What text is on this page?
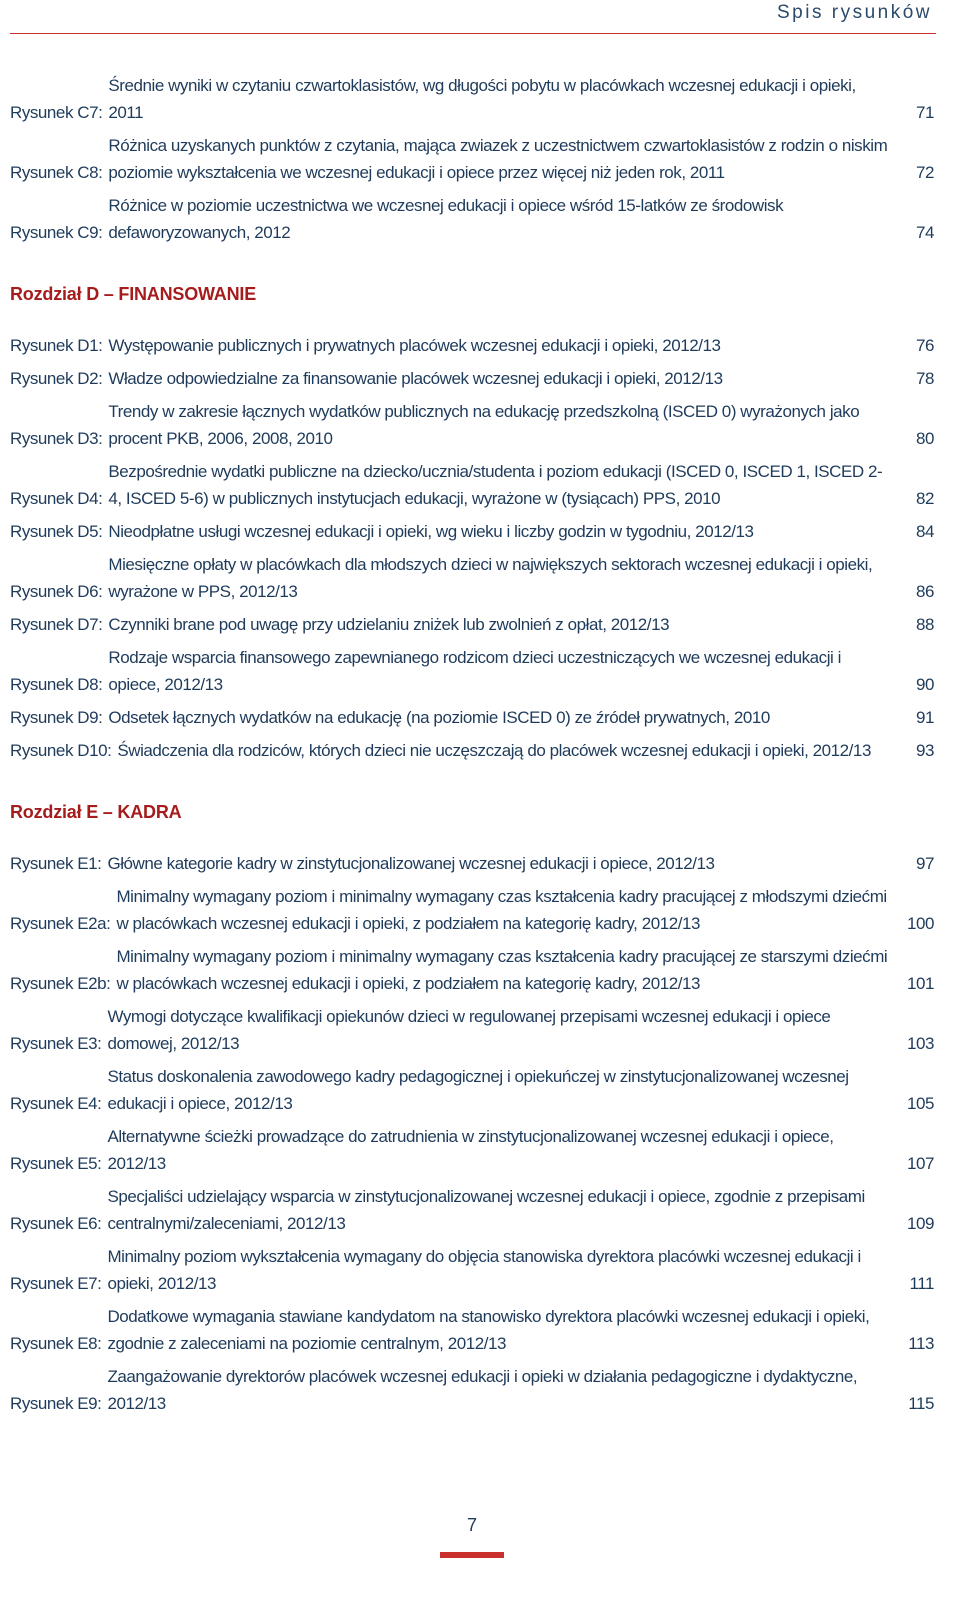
Spis rysunków
Rysunek C7:
Średnie wyniki w czytaniu czwartoklasistów, wg długości pobytu w placówkach wczesnej edukacji i opieki, 2011	71
Rysunek C8:
Różnica uzyskanych punktów z czytania, mająca zwiazek z uczestnictwem czwartoklasistów z rodzin o niskim poziomie wykształcenia we wczesnej edukacji i opiece przez więcej niż jeden rok, 2011	72
Rysunek C9:
Różnice w poziomie uczestnictwa we wczesnej edukacji i opiece wśród 15-latków ze środowisk defaworyzowanych, 2012	74
Rozdział D – FINANSOWANIE
Rysunek D1: Występowanie publicznych i prywatnych placówek wczesnej edukacji i opieki, 2012/13	76
Rysunek D2: Władze odpowiedzialne za finansowanie placówek wczesnej edukacji i opieki, 2012/13	78
Rysunek D3:
Trendy w zakresie łącznych wydatków publicznych na edukację przedszkolną (ISCED 0) wyrażonych jako procent PKB, 2006, 2008, 2010	80
Rysunek D4:
Bezpośrednie wydatki publiczne na dziecko/ucznia/studenta i poziom edukacji (ISCED 0, ISCED 1, ISCED 2-4, ISCED 5-6) w publicznych instytucjach edukacji, wyrażone w (tysiącach) PPS, 2010	82
Rysunek D5: Nieodpłatne usługi wczesnej edukacji i opieki, wg wieku i liczby godzin w tygodniu, 2012/13	84
Rysunek D6:
Miesięczne opłaty w placówkach dla młodszych dzieci w największych sektorach wczesnej edukacji i opieki, wyrażone w PPS, 2012/13	86
Rysunek D7: Czynniki brane pod uwagę przy udzielaniu zniżek lub zwolnień z opłat, 2012/13	88
Rysunek D8:
Rodzaje wsparcia finansowego zapewnianego rodzicom dzieci uczestniczących we wczesnej edukacji i opiece, 2012/13	90
Rysunek D9: Odsetek łącznych wydatków na edukację (na poziomie ISCED 0) ze źródeł prywatnych, 2010	91
Rysunek D10: Świadczenia dla rodziców, których dzieci nie uczęszczają do placówek wczesnej edukacji i opieki, 2012/13	93
Rozdział E – KADRA
Rysunek E1: Główne kategorie kadry w zinstytucjonalizowanej wczesnej edukacji i opiece, 2012/13	97
Rysunek E2a:
Minimalny wymagany poziom i minimalny wymagany czas kształcenia kadry pracującej z młodszymi dziećmi w placówkach wczesnej edukacji i opieki, z podziałem na kategorię kadry, 2012/13	100
Rysunek E2b:
Minimalny wymagany poziom i minimalny wymagany czas kształcenia kadry pracującej ze starszymi dziećmi w placówkach wczesnej edukacji i opieki, z podziałem na kategorię kadry, 2012/13	101
Rysunek E3:
Wymogi dotyczące kwalifikacji opiekunów dzieci w regulowanej przepisami wczesnej edukacji i opiece domowej, 2012/13	103
Rysunek E4:
Status doskonalenia zawodowego kadry pedagogicznej i opiekuńczej w zinstytucjonalizowanej wczesnej edukacji i opiece, 2012/13	105
Rysunek E5:
Alternatywne ścieżki prowadzące do zatrudnienia w zinstytucjonalizowanej wczesnej edukacji i opiece, 2012/13	107
Rysunek E6:
Specjaliści udzielający wsparcia w zinstytucjonalizowanej wczesnej edukacji i opiece, zgodnie z przepisami centralnymi/zaleceniami, 2012/13	109
Rysunek E7:
Minimalny poziom wykształcenia wymagany do objęcia stanowiska dyrektora placówki wczesnej edukacji i opieki, 2012/13	111
Rysunek E8:
Dodatkowe wymagania stawiane kandydatom na stanowisko dyrektora placówki wczesnej edukacji i opieki, zgodnie z zaleceniami na poziomie centralnym, 2012/13	113
Rysunek E9:
Zaangażowanie dyrektorów placówek wczesnej edukacji i opieki w działania pedagogiczne i dydaktyczne, 2012/13	115
7
